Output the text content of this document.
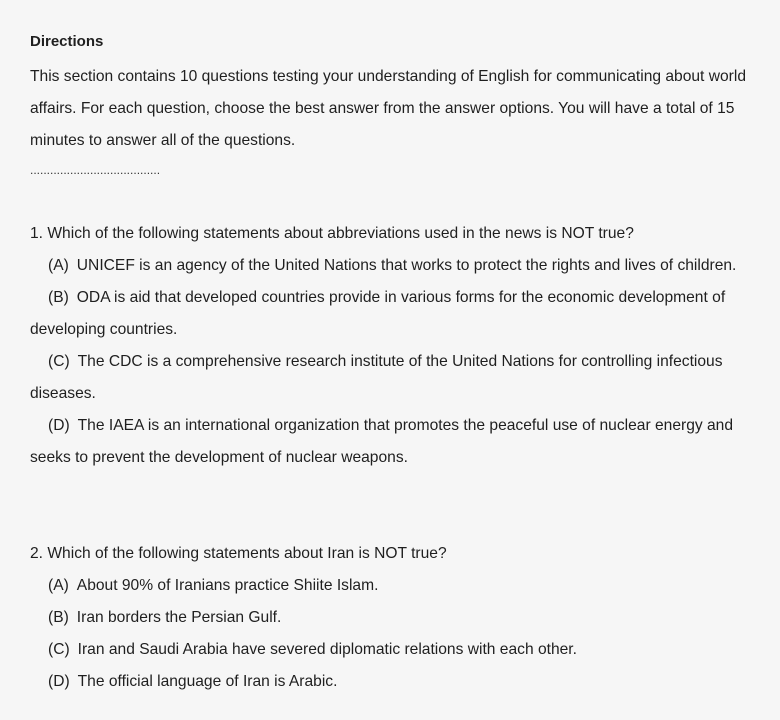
Directions
This section contains 10 questions testing your understanding of English for communicating about world affairs. For each question, choose the best answer from the answer options. You will have a total of 15 minutes to answer all of the questions.
.......................................

1. Which of the following statements about abbreviations used in the news is NOT true?

(A) UNICEF is an agency of the United Nations that works to protect the rights and lives of children.

(B) ODA is aid that developed countries provide in various forms for the economic development of developing countries.

(C) The CDC is a comprehensive research institute of the United Nations for controlling infectious diseases.

(D) The IAEA is an international organization that promotes the peaceful use of nuclear energy and seeks to prevent the development of nuclear weapons.

2. Which of the following statements about Iran is NOT true?

(A) About 90% of Iranians practice Shiite Islam.

(B) Iran borders the Persian Gulf.

(C) Iran and Saudi Arabia have severed diplomatic relations with each other.

(D) The official language of Iran is Arabic.
